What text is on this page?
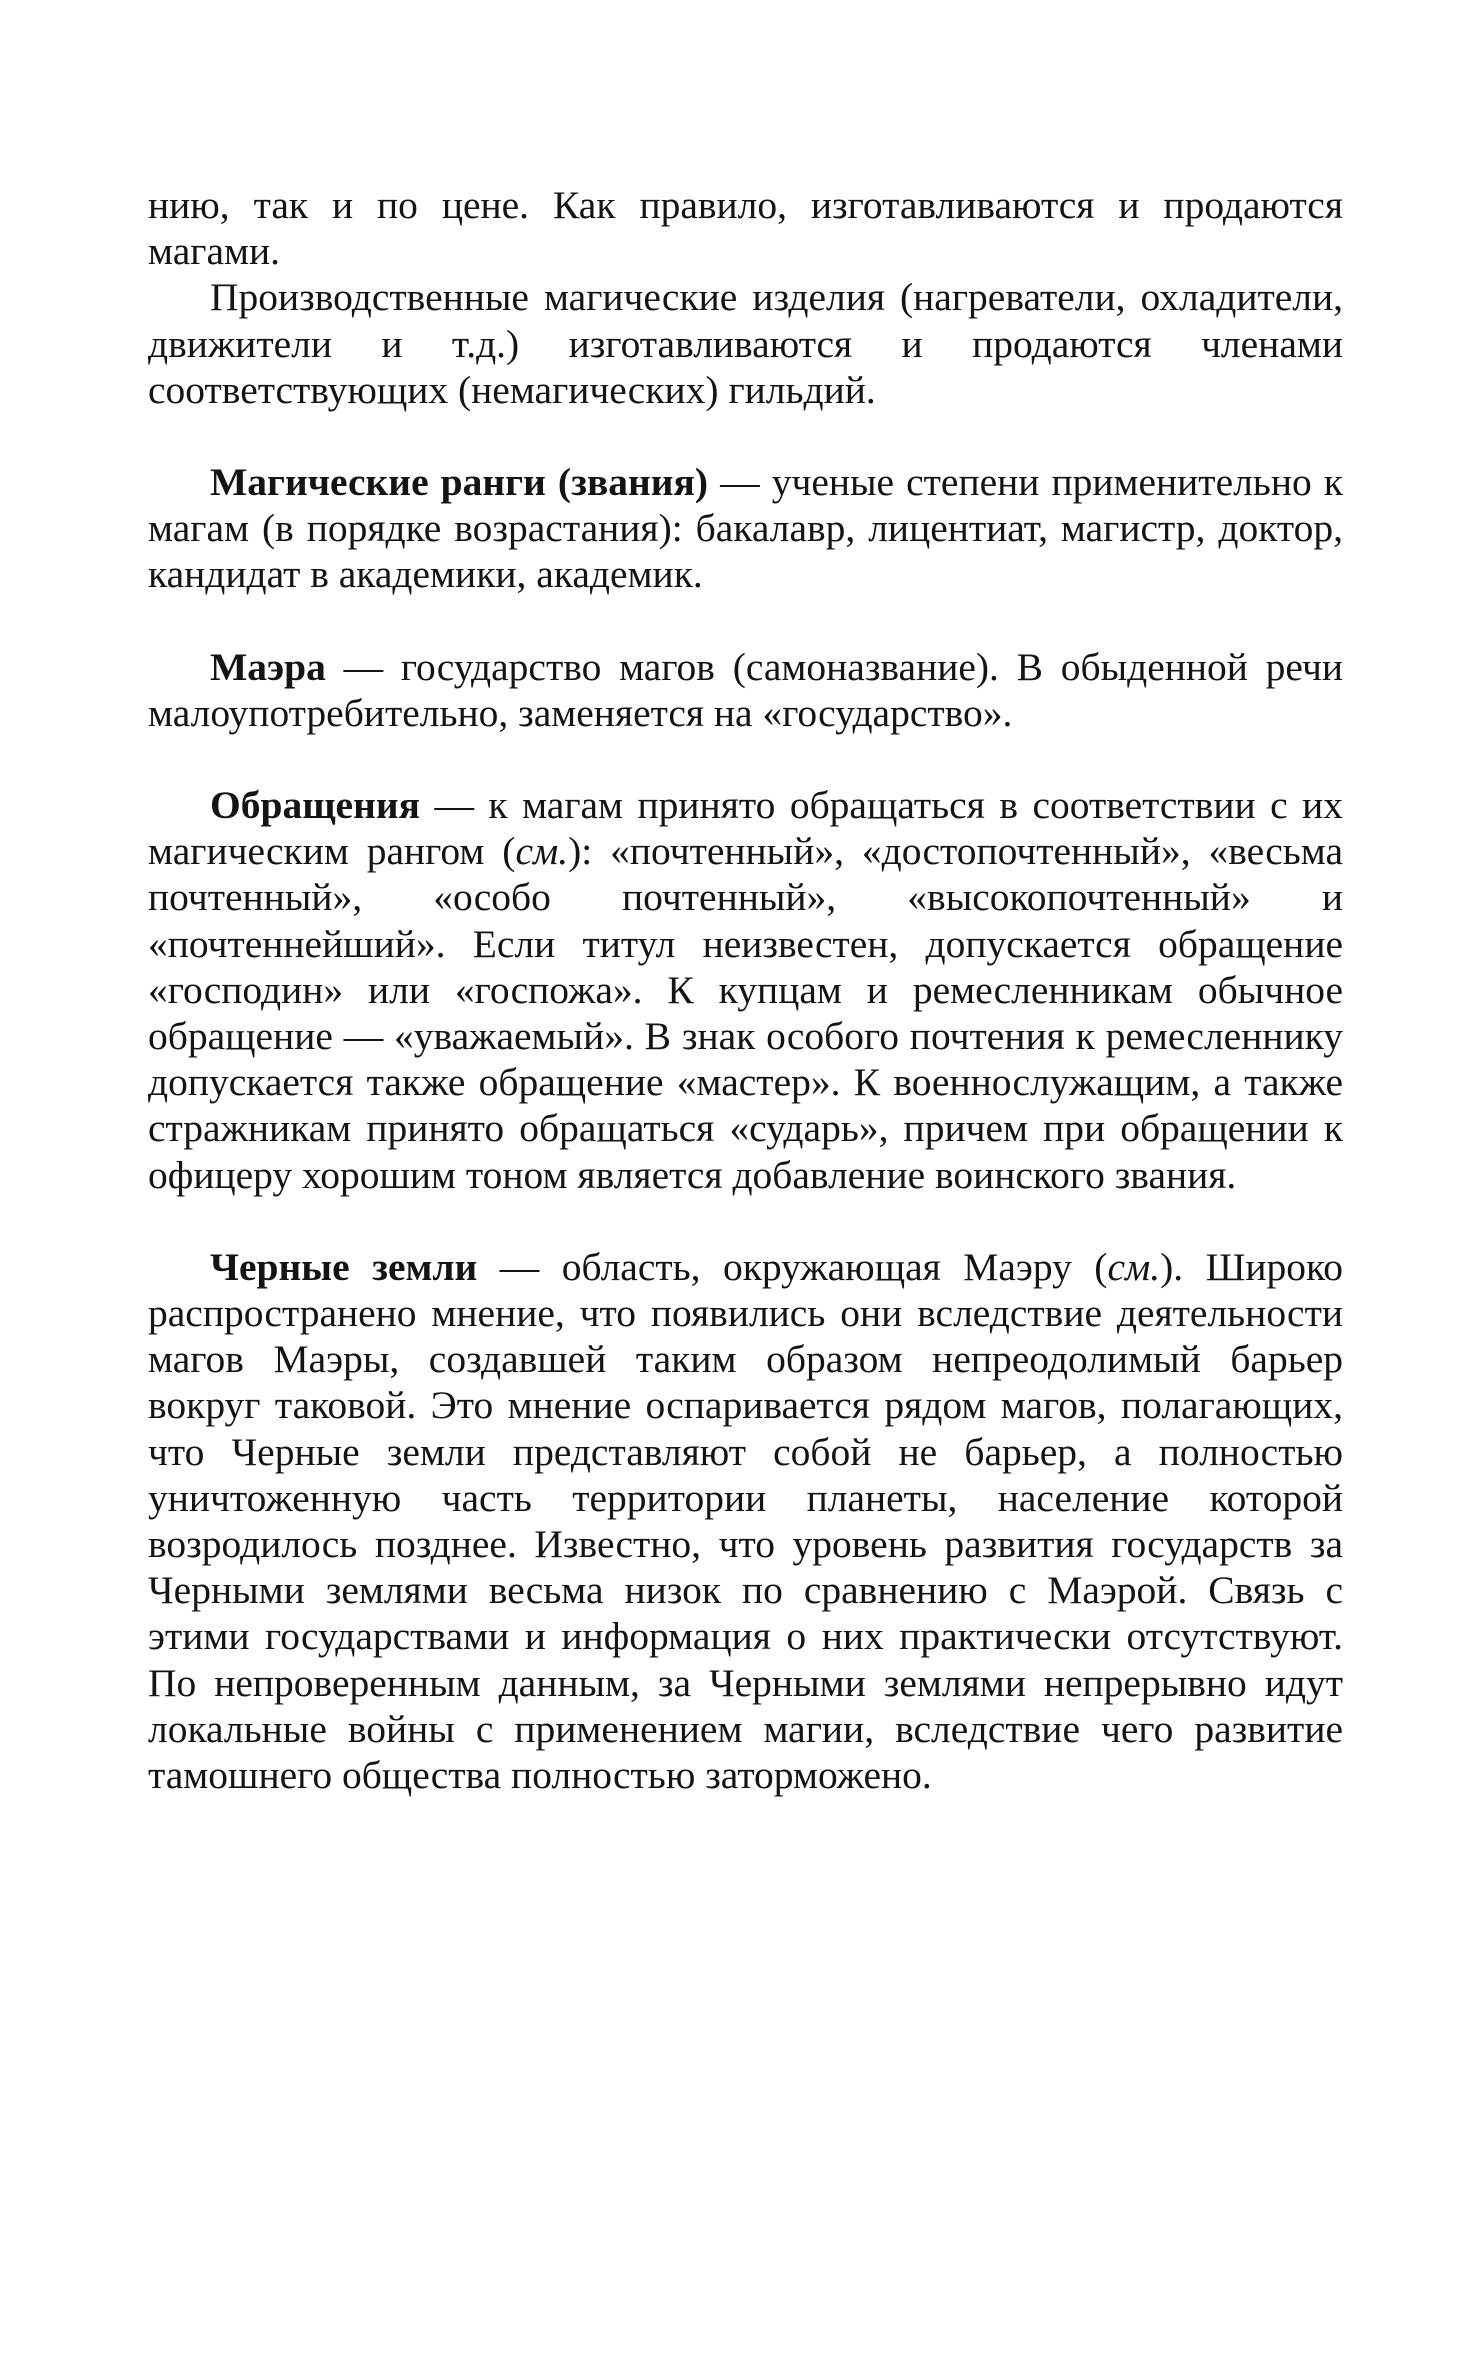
нию, так и по цене. Как правило, изготавливаются и продаются магами.

Производственные магические изделия (нагреватели, охладители, движители и т.д.) изготавливаются и продаются членами соответствующих (немагических) гильдий.

Магические ранги (звания) — ученые степени применительно к магам (в порядке возрастания): бакалавр, лицентиат, магистр, доктор, кандидат в академики, академик.

Маэра — государство магов (самоназвание). В обыденной речи малоупотребительно, заменяется на «государство».

Обращения — к магам принято обращаться в соответствии с их магическим рангом (см.): «почтенный», «достопочтенный», «весьма почтенный», «особо почтенный», «высокопочтенный» и «почтеннейший». Если титул неизвестен, допускается обращение «господин» или «госпожа». К купцам и ремесленникам обычное обращение — «уважаемый». В знак особого почтения к ремесленнику допускается также обращение «мастер». К военнослужащим, а также стражникам принято обращаться «сударь», причем при обращении к офицеру хорошим тоном является добавление воинского звания.

Черные земли — область, окружающая Маэру (см.). Широко распространено мнение, что появились они вследствие деятельности магов Маэры, создавшей таким образом непреодолимый барьер вокруг таковой. Это мнение оспаривается рядом магов, полагающих, что Черные земли представляют собой не барьер, а полностью уничтоженную часть территории планеты, население которой возродилось позднее. Известно, что уровень развития государств за Черными землями весьма низок по сравнению с Маэрой. Связь с этими государствами и информация о них практически отсутствуют. По непроверенным данным, за Черными землями непрерывно идут локальные войны с применением магии, вследствие чего развитие тамошнего общества полностью заторможено.
